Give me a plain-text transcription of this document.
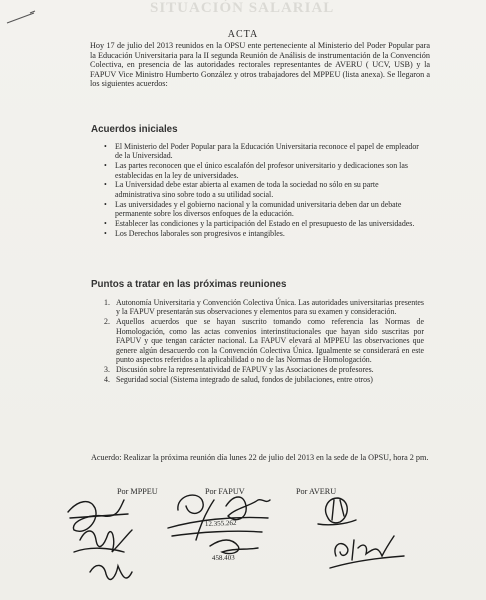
SITUACIÓN SALARIAL
ACTA

Hoy 17 de julio del 2013 reunidos en la OPSU ente perteneciente al Ministerio del Poder Popular para la Educación Universitaria para la II segunda Reunión de Análisis de instrumentación de la Convención Colectiva, en presencia de las autoridades rectorales representantes de AVERU ( UCV, USB) y la FAPUV Vice Ministro Humberto González y otros trabajadores del MPPEU (lista anexa). Se llegaron a los siguientes acuerdos:

Acuerdos iniciales
• El Ministerio del Poder Popular para la Educación Universitaria reconoce el papel de empleador de la Universidad.
• Las partes reconocen que el único escalafón del profesor universitario y dedicaciones son las establecidas en la ley de universidades.
• La Universidad debe estar abierta al examen de toda la sociedad no sólo en su parte administrativa sino sobre todo a su utilidad social.
• Las universidades y el gobierno nacional y la comunidad universitaria deben dar un debate permanente sobre los diversos enfoques de la educación.
• Establecer las condiciones y la participación del Estado en el presupuesto de las universidades.
• Los Derechos laborales son progresivos e intangibles.
Puntos a tratar en las próximas reuniones
1. Autonomía Universitaria y Convención Colectiva Única. Las autoridades universitarias presentes y la FAPUV presentarán sus observaciones y elementos para su examen y consideración.
2. Aquellos acuerdos que se hayan suscrito tomando como referencia las Normas de Homologación, como las actas convenios interinstitucionales que hayan sido suscritas por FAPUV y que tengan carácter nacional. La FAPUV elevará al MPPEU las observaciones que genere algún desacuerdo con la Convención Colectiva Única. Igualmente se considerará en este punto aspectos referidos a la aplicabilidad o no de las Normas de Homologación.
3. Discusión sobre la representatividad de FAPUV y las Asociaciones de profesores.
4. Seguridad social (Sistema integrado de salud, fondos de jubilaciones, entre otros)

Acuerdo: Realizar la próxima reunión día lunes 22 de julio del 2013 en la sede de la OPSU, hora 2 pm.

Por MPPEU	Por FAPUV	Por AVERU
12.355.262
458.403
